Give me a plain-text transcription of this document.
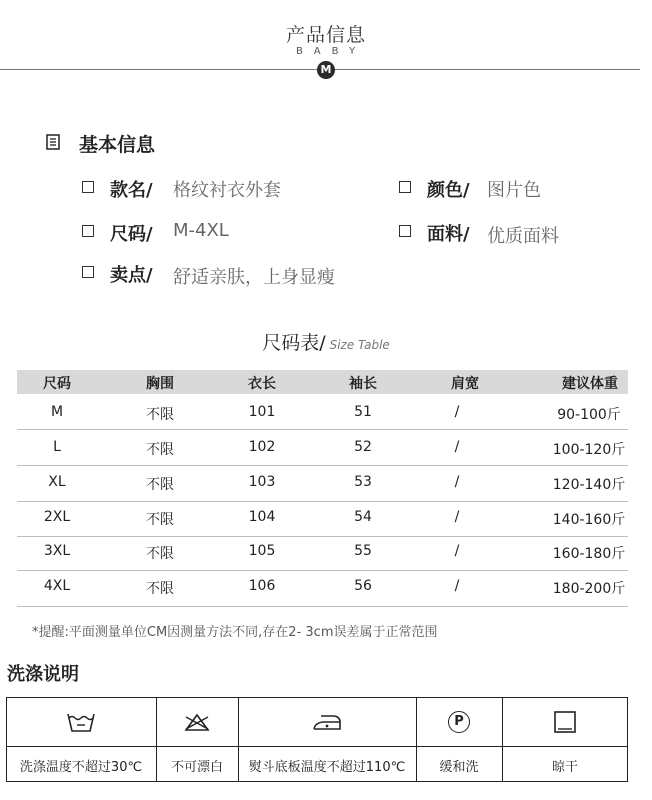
产品信息
BABY
M
基本信息
款名/ 格纹衬衣外套	颜色/ 图片色
尺码/ M-4XL	面料/ 优质面料
卖点/ 舒适亲肤，上身显瘦
尺码表/ Size Table
尺码	胸围	衣长	袖长	肩宽	建议体重
M	不限	101	51	/	90-100斤
L	不限	102	52	/	100-120斤
XL	不限	103	53	/	120-140斤
2XL	不限	104	54	/	140-160斤
3XL	不限	105	55	/	160-180斤
4XL	不限	106	56	/	180-200斤
*提醒:平面测量单位CM因测量方法不同,存在2- 3cm误差属于正常范围
洗涤说明
P
洗涤温度不超过30℃	不可漂白	熨斗底板温度不超过110℃	缓和洗	晾干
